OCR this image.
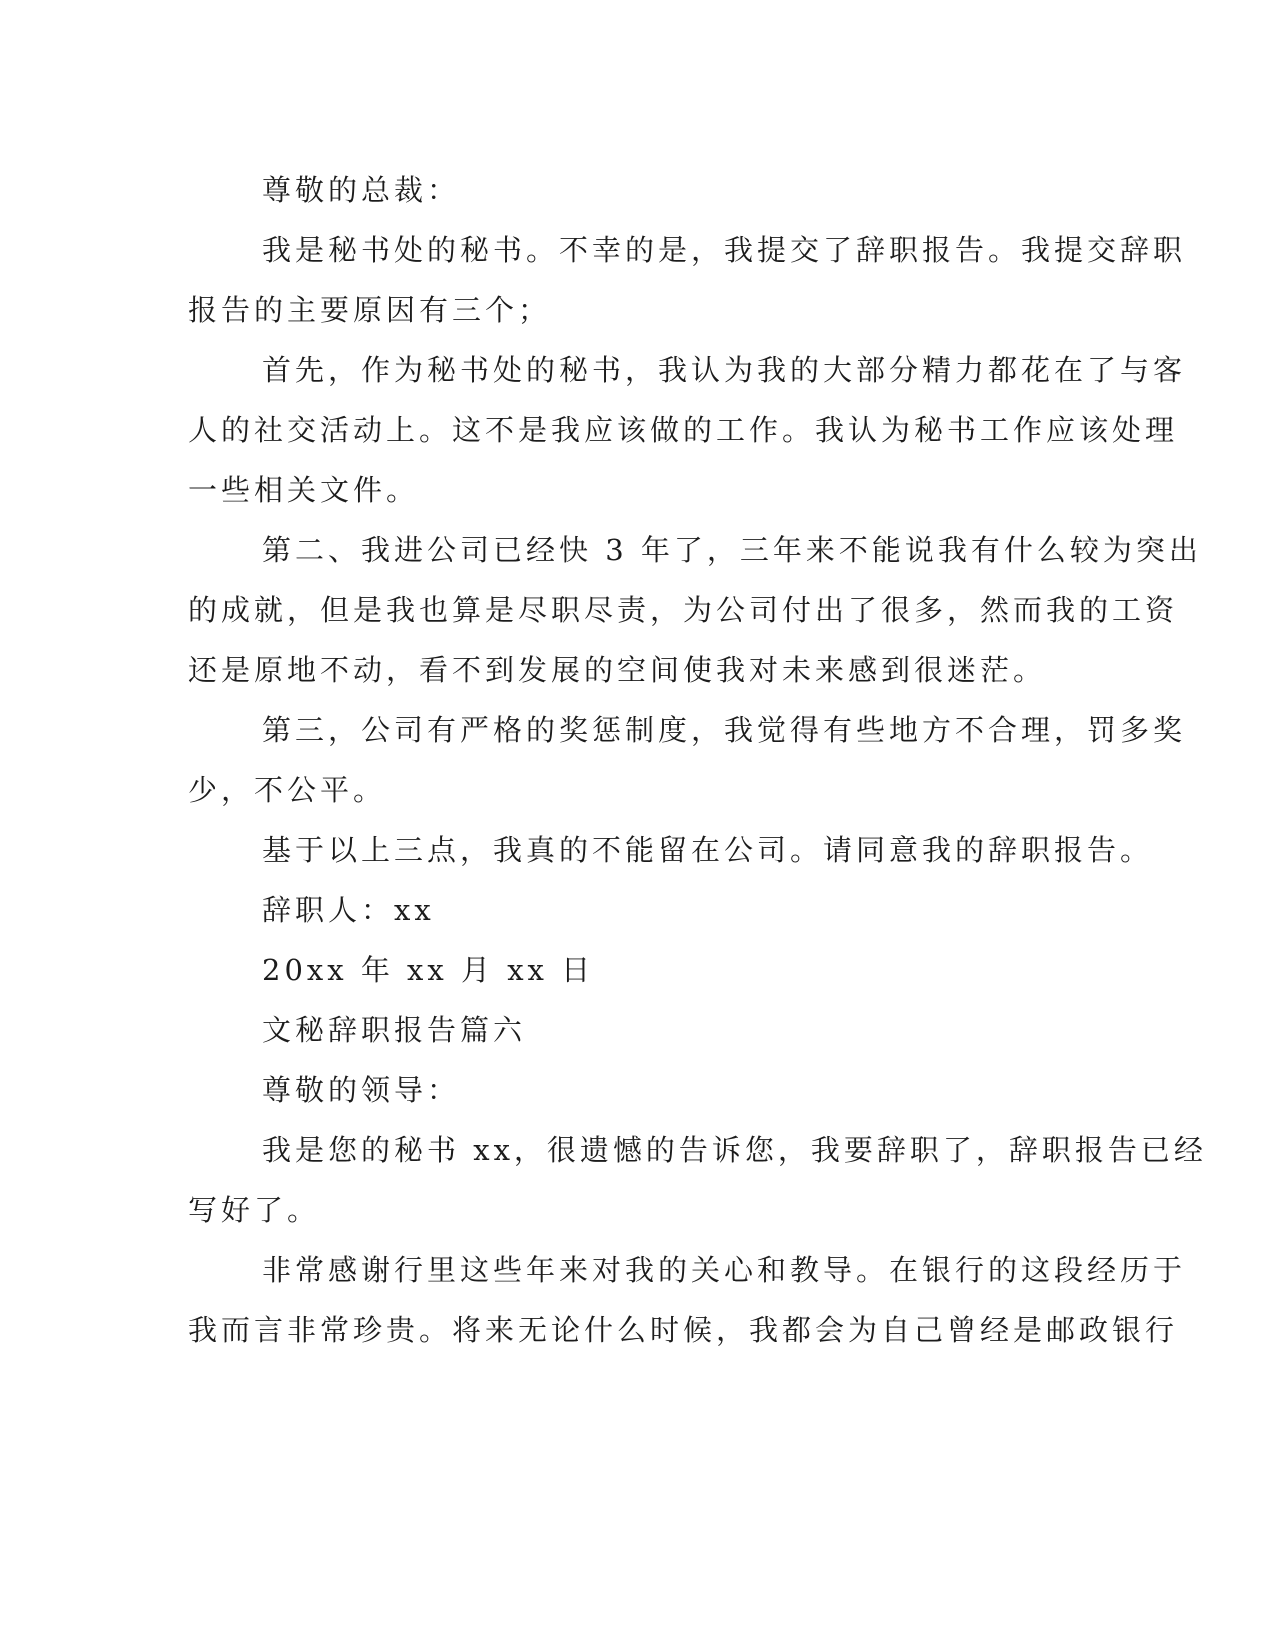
尊敬的总裁：
我是秘书处的秘书。不幸的是，我提交了辞职报告。我提交辞职
报告的主要原因有三个；
首先，作为秘书处的秘书，我认为我的大部分精力都花在了与客
人的社交活动上。这不是我应该做的工作。我认为秘书工作应该处理
一些相关文件。
第二、我进公司已经快 3 年了，三年来不能说我有什么较为突出
的成就，但是我也算是尽职尽责，为公司付出了很多，然而我的工资
还是原地不动，看不到发展的空间使我对未来感到很迷茫。
第三，公司有严格的奖惩制度，我觉得有些地方不合理，罚多奖
少，不公平。
基于以上三点，我真的不能留在公司。请同意我的辞职报告。
辞职人：xx
20xx 年 xx 月 xx 日
文秘辞职报告篇六
尊敬的领导：
我是您的秘书 xx，很遗憾的告诉您，我要辞职了，辞职报告已经
写好了。
非常感谢行里这些年来对我的关心和教导。在银行的这段经历于
我而言非常珍贵。将来无论什么时候，我都会为自己曾经是邮政银行
